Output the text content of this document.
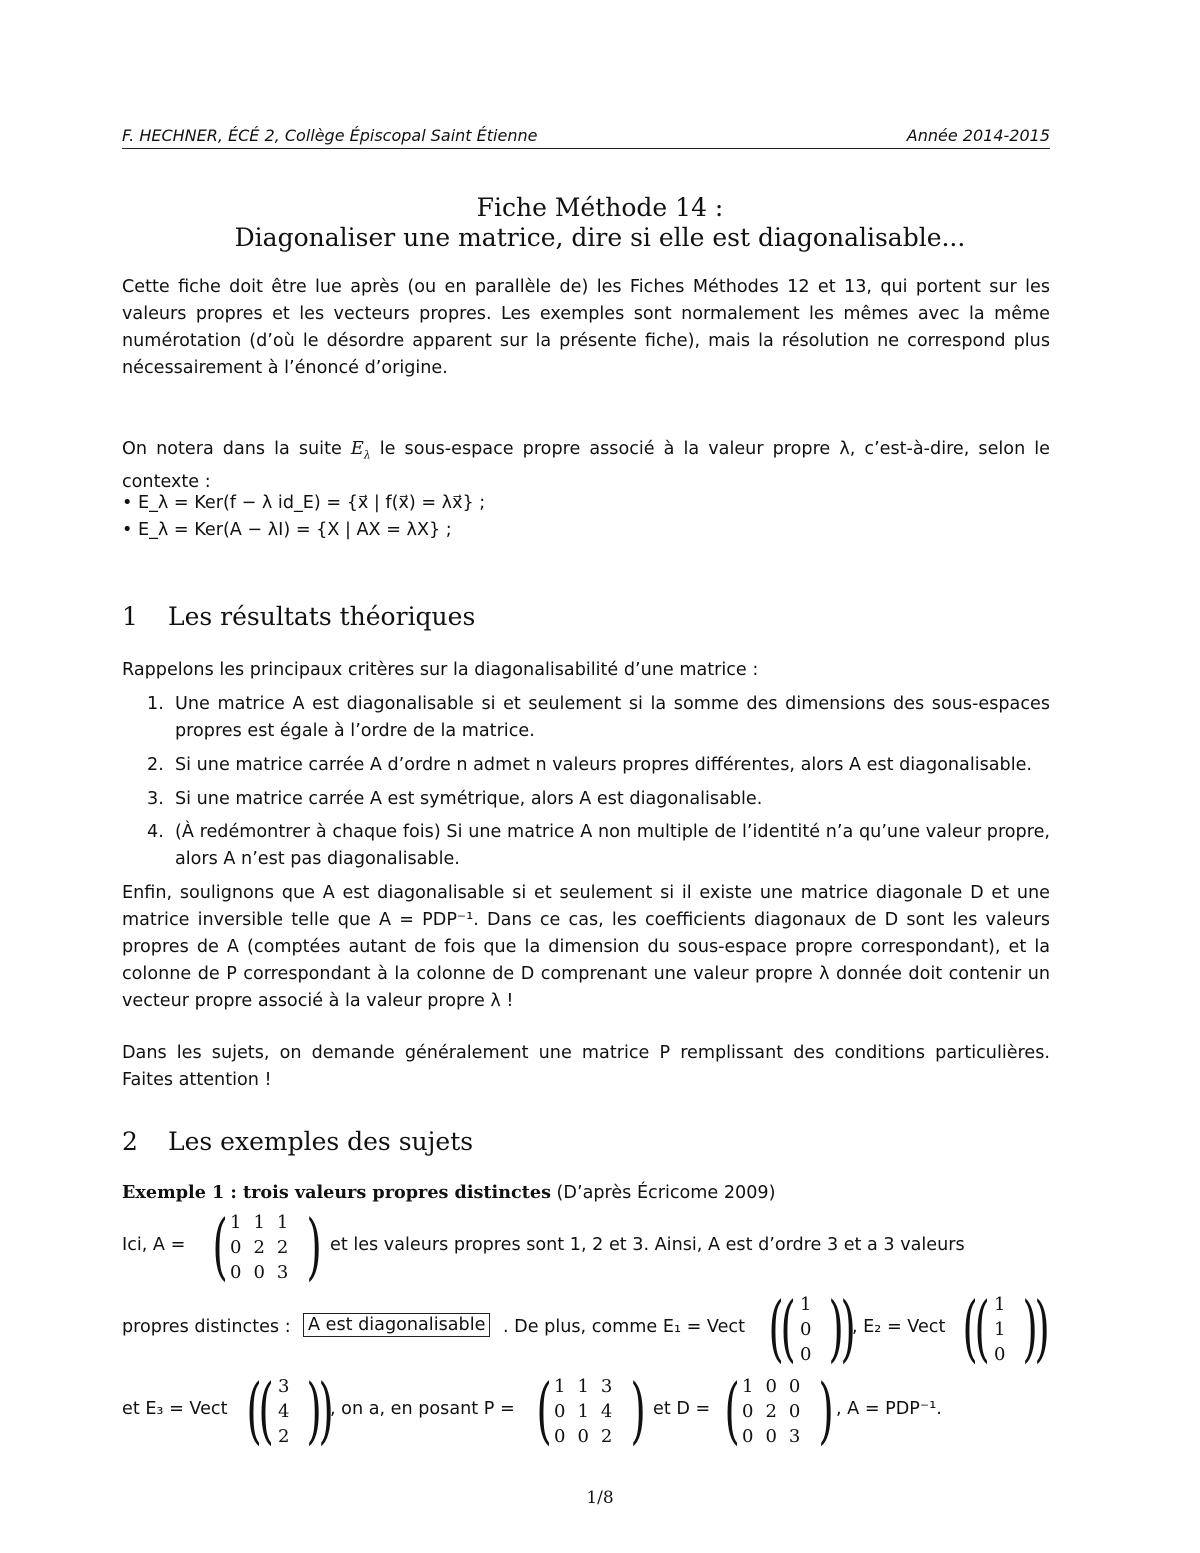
F. HECHNER, ÉCÉ 2, Collège Épiscopal Saint Étienne	Année 2014-2015
Fiche Méthode 14 :
Diagonaliser une matrice, dire si elle est diagonalisable...
Cette fiche doit être lue après (ou en parallèle de) les Fiches Méthodes 12 et 13, qui portent sur les valeurs propres et les vecteurs propres. Les exemples sont normalement les mêmes avec la même numérotation (d’où le désordre apparent sur la présente fiche), mais la résolution ne correspond plus nécessairement à l’énoncé d’origine.
On notera dans la suite $E_\lambda$ le sous-espace propre associé à la valeur propre λ, c’est-à-dire, selon le contexte :
• E_λ = Ker(f − λ id_E) = {x⃗ | f(x⃗) = λx⃗} ;
• E_λ = Ker(A − λI) = {X | AX = λX} ;
1 Les résultats théoriques
Rappelons les principaux critères sur la diagonalisabilité d’une matrice :
1. Une matrice A est diagonalisable si et seulement si la somme des dimensions des sous-espaces propres est égale à l’ordre de la matrice.
2. Si une matrice carrée A d’ordre n admet n valeurs propres différentes, alors A est diagonalisable.
3. Si une matrice carrée A est symétrique, alors A est diagonalisable.
4. (À redémontrer à chaque fois) Si une matrice A non multiple de l’identité n’a qu’une valeur propre, alors A n’est pas diagonalisable.
Enfin, soulignons que A est diagonalisable si et seulement si il existe une matrice diagonale D et une matrice inversible telle que A = PDP⁻¹. Dans ce cas, les coefficients diagonaux de D sont les valeurs propres de A (comptées autant de fois que la dimension du sous-espace propre correspondant), et la colonne de P correspondant à la colonne de D comprenant une valeur propre λ donnée doit contenir un vecteur propre associé à la valeur propre λ !
Dans les sujets, on demande généralement une matrice P remplissant des conditions particulières. Faites attention !
2 Les exemples des sujets
Exemple 1 : trois valeurs propres distinctes (D’après Écricome 2009)
Ici, A = ( 1	1	1
0	2	2
0	0	3 ) et les valeurs propres sont 1, 2 et 3. Ainsi, A est d’ordre 3 et a 3 valeurs
propres distinctes : A est diagonalisable . De plus, comme E₁ = Vect (
( 1
0
0 )
)
, E₂ = Vect (
( 1
1
0 )
)
et E₃ = Vect (
( 3
4
2 )
)
, on a, en posant P = ( 1	1	3
0	1	4
0	0	2 ) et D = ( 1	0	0
0	2	0
0	0	3 ) , A = PDP⁻¹.
1/8
